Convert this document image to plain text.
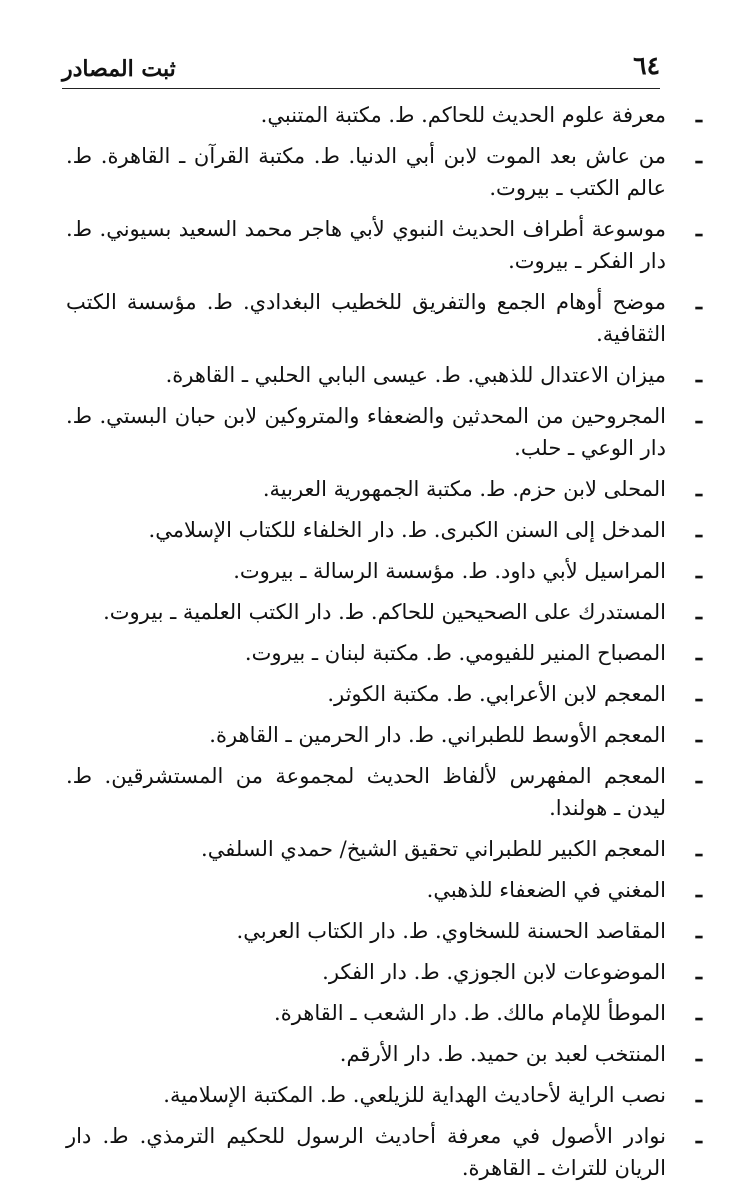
٦٤
ثبت المصادر
ـ
معرفة علوم الحديث للحاكم. ط. مكتبة المتنبي.
ـ
من عاش بعد الموت لابن أبي الدنيا. ط. مكتبة القرآن ـ القاهرة. ط. عالم الكتب ـ بيروت.
ـ
موسوعة أطراف الحديث النبوي لأبي هاجر محمد السعيد بسيوني. ط. دار الفكر ـ بيروت.
ـ
موضح أوهام الجمع والتفريق للخطيب البغدادي. ط. مؤسسة الكتب الثقافية.
ـ
ميزان الاعتدال للذهبي. ط. عيسى البابي الحلبي ـ القاهرة.
ـ
المجروحين من المحدثين والضعفاء والمتروكين لابن حبان البستي. ط. دار الوعي ـ حلب.
ـ
المحلى لابن حزم. ط. مكتبة الجمهورية العربية.
ـ
المدخل إلى السنن الكبرى. ط. دار الخلفاء للكتاب الإسلامي.
ـ
المراسيل لأبي داود. ط. مؤسسة الرسالة ـ بيروت.
ـ
المستدرك على الصحيحين للحاكم. ط. دار الكتب العلمية ـ بيروت.
ـ
المصباح المنير للفيومي. ط. مكتبة لبنان ـ بيروت.
ـ
المعجم لابن الأعرابي. ط. مكتبة الكوثر.
ـ
المعجم الأوسط للطبراني. ط. دار الحرمين ـ القاهرة.
ـ
المعجم المفهرس لألفاظ الحديث لمجموعة من المستشرقين. ط. ليدن ـ هولندا.
ـ
المعجم الكبير للطبراني تحقيق الشيخ/ حمدي السلفي.
ـ
المغني في الضعفاء للذهبي.
ـ
المقاصد الحسنة للسخاوي. ط. دار الكتاب العربي.
ـ
الموضوعات لابن الجوزي. ط. دار الفكر.
ـ
الموطأ للإمام مالك. ط. دار الشعب ـ القاهرة.
ـ
المنتخب لعبد بن حميد. ط. دار الأرقم.
ـ
نصب الراية لأحاديث الهداية للزيلعي. ط. المكتبة الإسلامية.
ـ
نوادر الأصول في معرفة أحاديث الرسول للحكيم الترمذي. ط. دار الريان للتراث ـ القاهرة.
